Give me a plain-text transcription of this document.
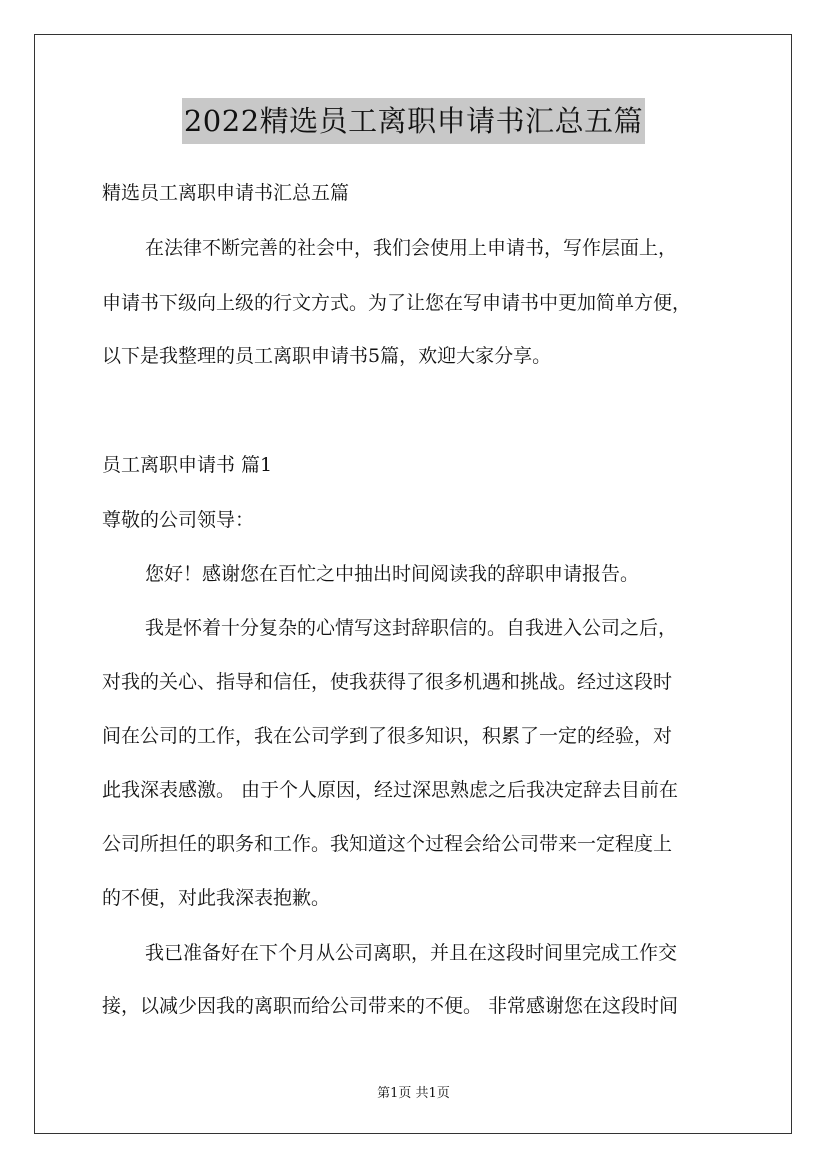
2022精选员工离职申请书汇总五篇
精选员工离职申请书汇总五篇
在法律不断完善的社会中，我们会使用上申请书，写作层面上，
申请书下级向上级的行文方式。为了让您在写申请书中更加简单方便，
以下是我整理的员工离职申请书5篇，欢迎大家分享。
员工离职申请书 篇1
尊敬的公司领导：
您好！感谢您在百忙之中抽出时间阅读我的辞职申请报告。
我是怀着十分复杂的心情写这封辞职信的。自我进入公司之后，
对我的关心、指导和信任，使我获得了很多机遇和挑战。经过这段时
间在公司的工作，我在公司学到了很多知识，积累了一定的经验，对
此我深表感激。 由于个人原因，经过深思熟虑之后我决定辞去目前在
公司所担任的职务和工作。我知道这个过程会给公司带来一定程度上
的不便，对此我深表抱歉。
我已准备好在下个月从公司离职，并且在这段时间里完成工作交
接，以减少因我的离职而给公司带来的不便。 非常感谢您在这段时间
第1页 共1页
